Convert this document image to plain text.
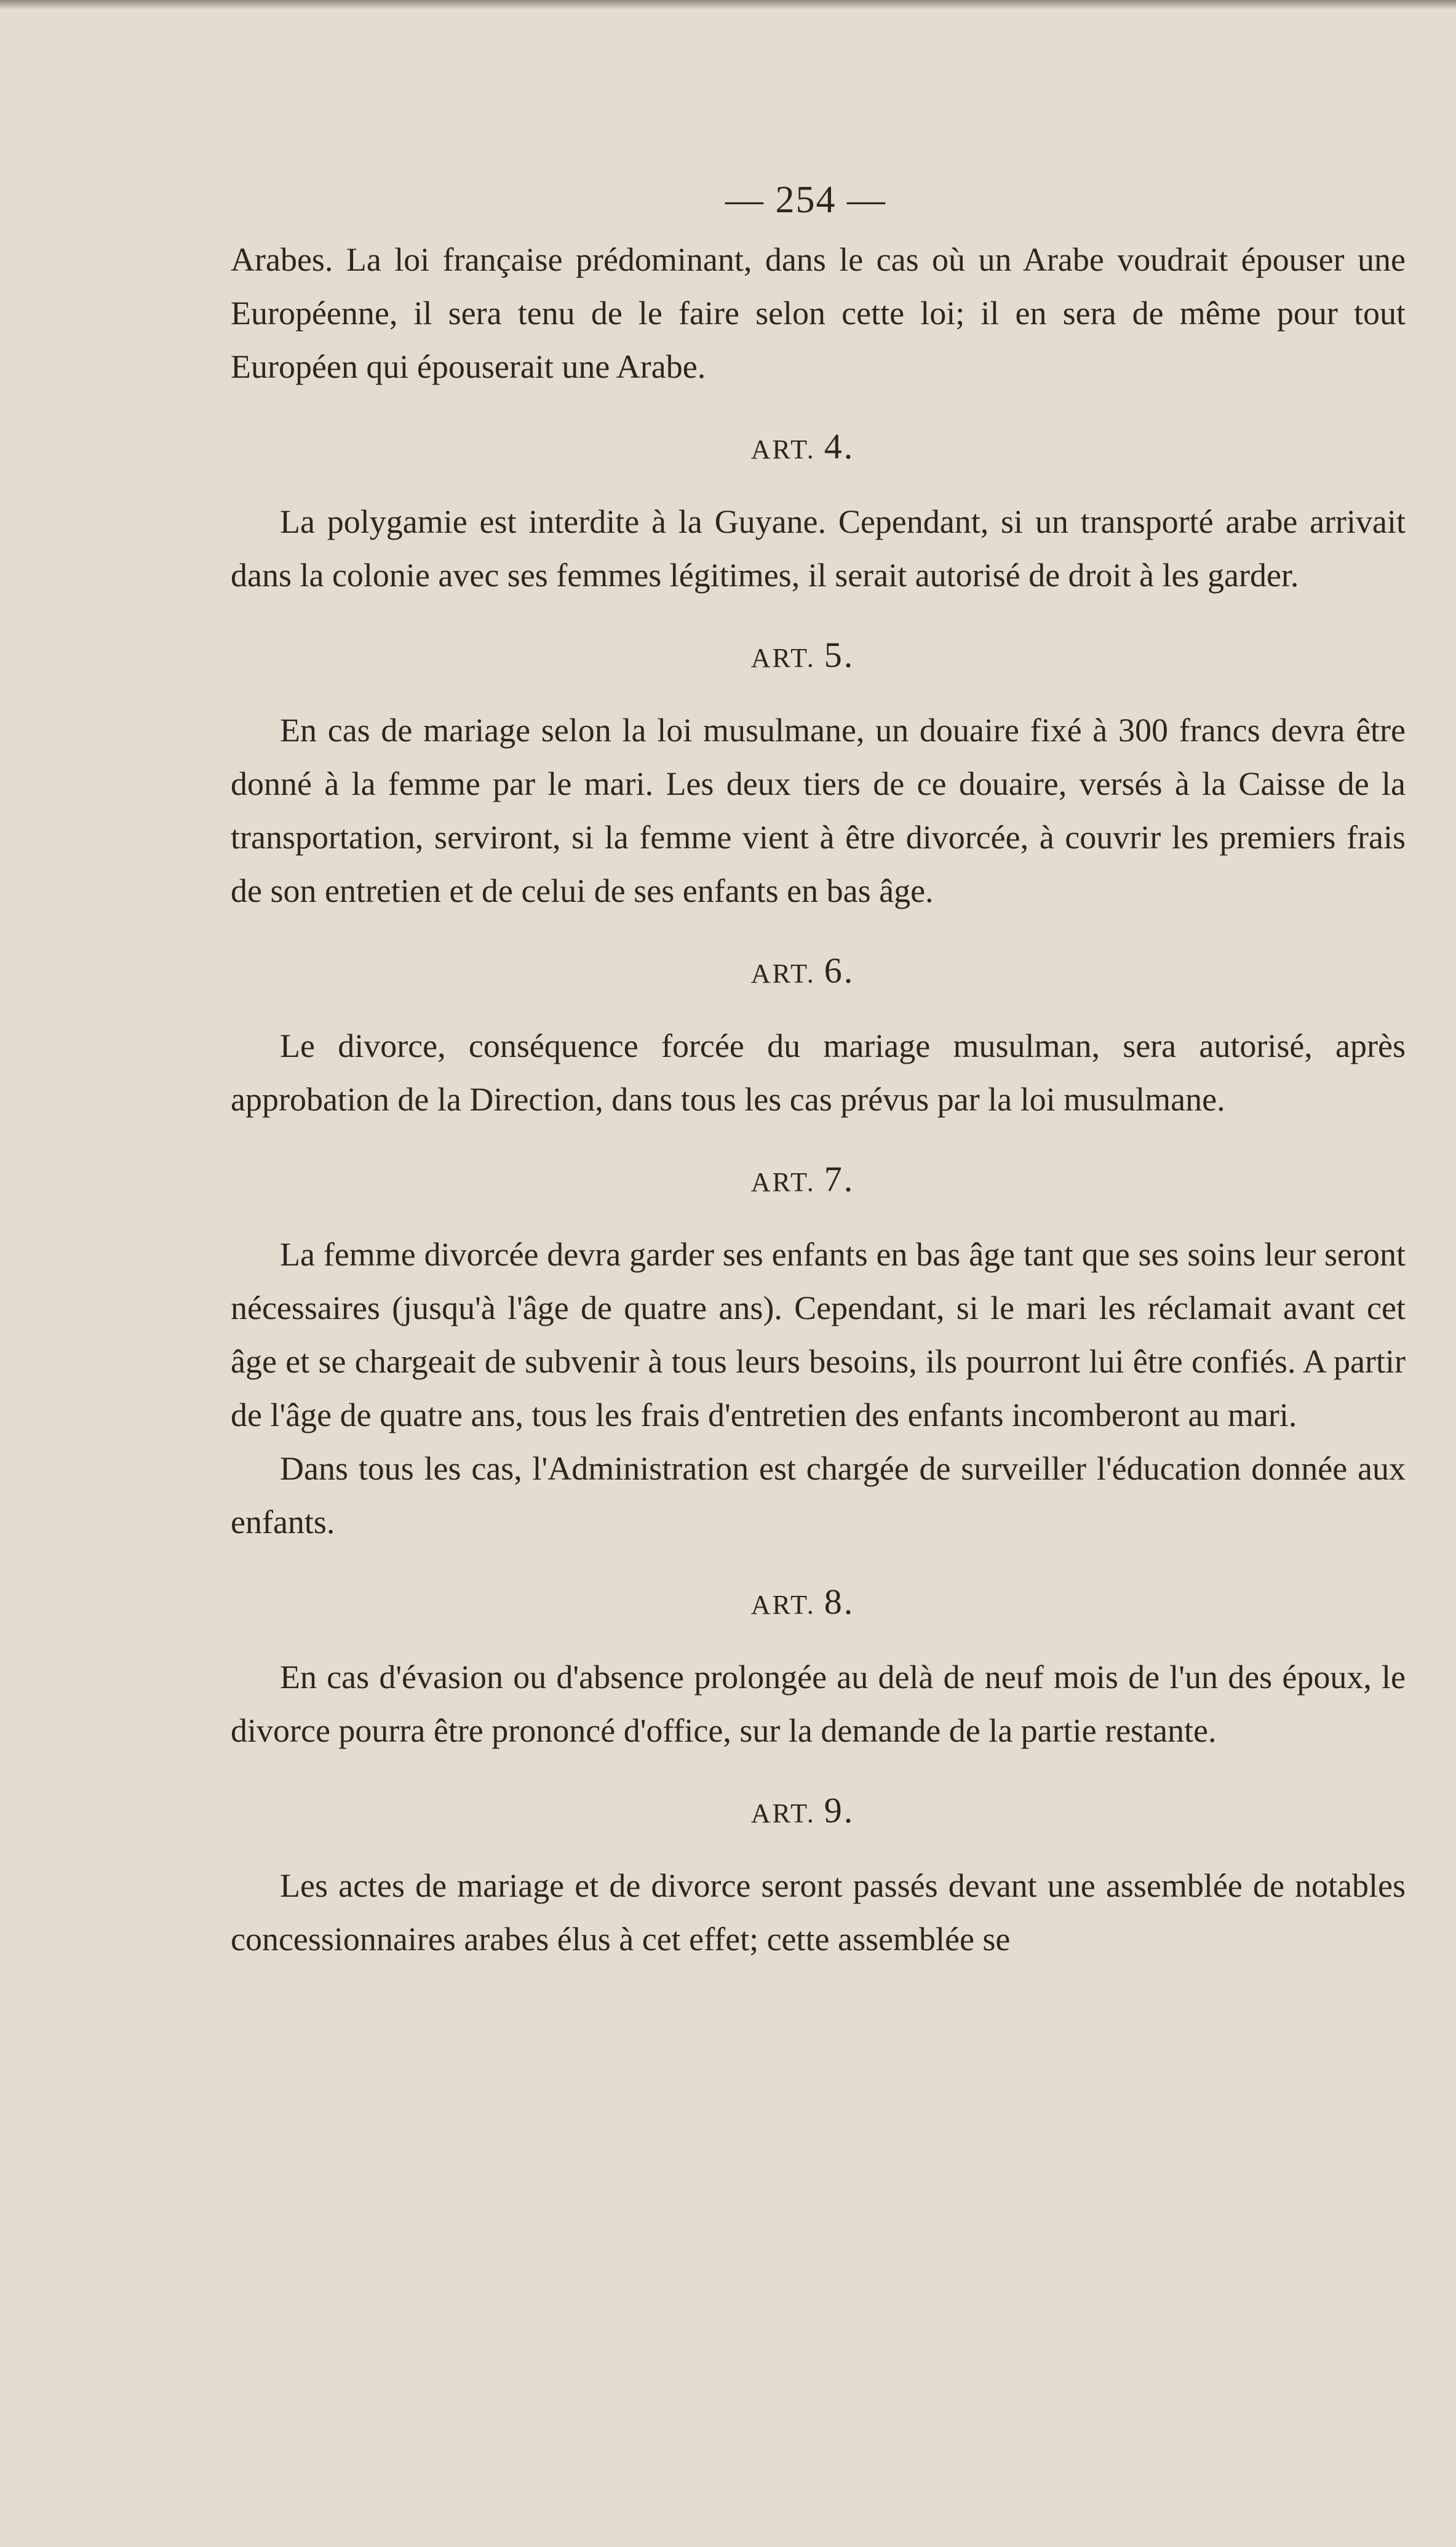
— 254 —

Arabes. La loi française prédominant, dans le cas où un Arabe voudrait épouser une Européenne, il sera tenu de le faire selon cette loi; il en sera de même pour tout Européen qui épouserait une Arabe.

ART. 4.

La polygamie est interdite à la Guyane. Cependant, si un transporté arabe arrivait dans la colonie avec ses femmes légitimes, il serait autorisé de droit à les garder.

ART. 5.

En cas de mariage selon la loi musulmane, un douaire fixé à 300 francs devra être donné à la femme par le mari. Les deux tiers de ce douaire, versés à la Caisse de la transportation, serviront, si la femme vient à être divorcée, à couvrir les premiers frais de son entretien et de celui de ses enfants en bas âge.

ART. 6.

Le divorce, conséquence forcée du mariage musulman, sera autorisé, après approbation de la Direction, dans tous les cas prévus par la loi musulmane.

ART. 7.

La femme divorcée devra garder ses enfants en bas âge tant que ses soins leur seront nécessaires (jusqu'à l'âge de quatre ans). Cependant, si le mari les réclamait avant cet âge et se chargeait de subvenir à tous leurs besoins, ils pourront lui être confiés. A partir de l'âge de quatre ans, tous les frais d'entretien des enfants incomberont au mari.

Dans tous les cas, l'Administration est chargée de surveiller l'éducation donnée aux enfants.

ART. 8.

En cas d'évasion ou d'absence prolongée au delà de neuf mois de l'un des époux, le divorce pourra être prononcé d'office, sur la demande de la partie restante.

ART. 9.

Les actes de mariage et de divorce seront passés devant une assemblée de notables concessionnaires arabes élus à cet effet; cette assemblée se
